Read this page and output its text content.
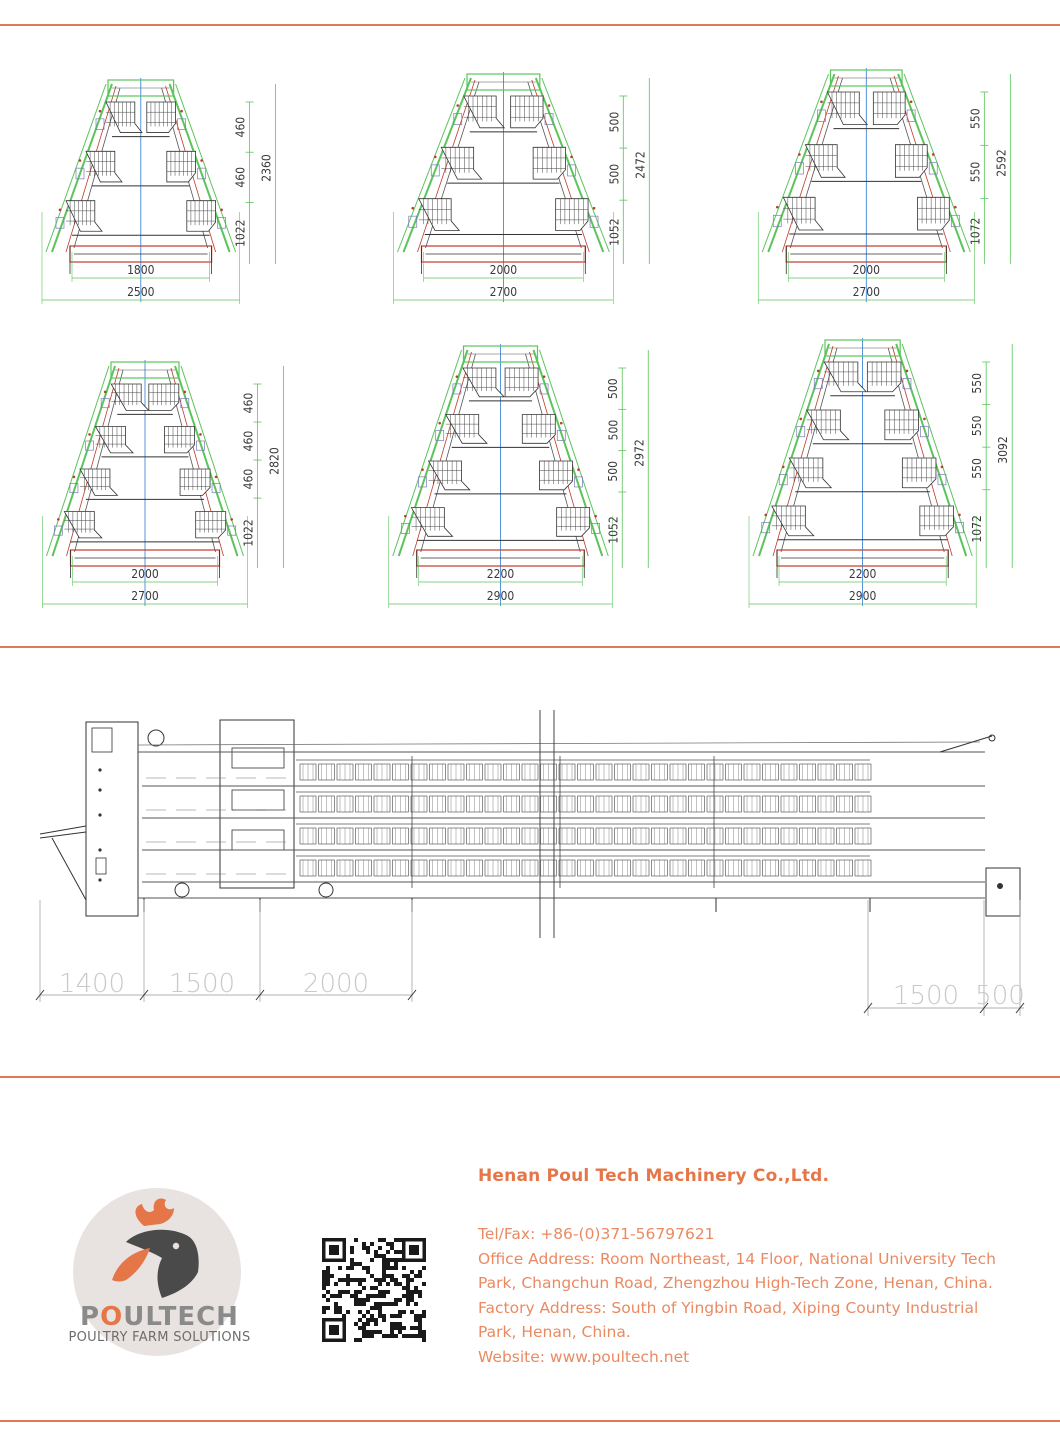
1800
2500
460
460
1022
2360
2000
2700
500
500
1052
2472
2000
2700
550
550
1072
2592
2000
2700
460
460
460
1022
2820
2200
2900
500
500
500
1052
2972
2200
2900
550
550
550
1072
3092
1400 1500	2000	1500 500
POULTECH
POULTRY FARM SOLUTIONS
Henan Poul Tech Machinery Co.,Ltd.
Tel/Fax: +86-(0)371-56797621
Office Address: Room Northeast, 14 Floor, National University Tech
Park, Changchun Road, Zhengzhou High-Tech Zone, Henan, China.
Factory Address: South of Yingbin Road, Xiping County Industrial
Park, Henan, China.
Website: www.poultech.net
